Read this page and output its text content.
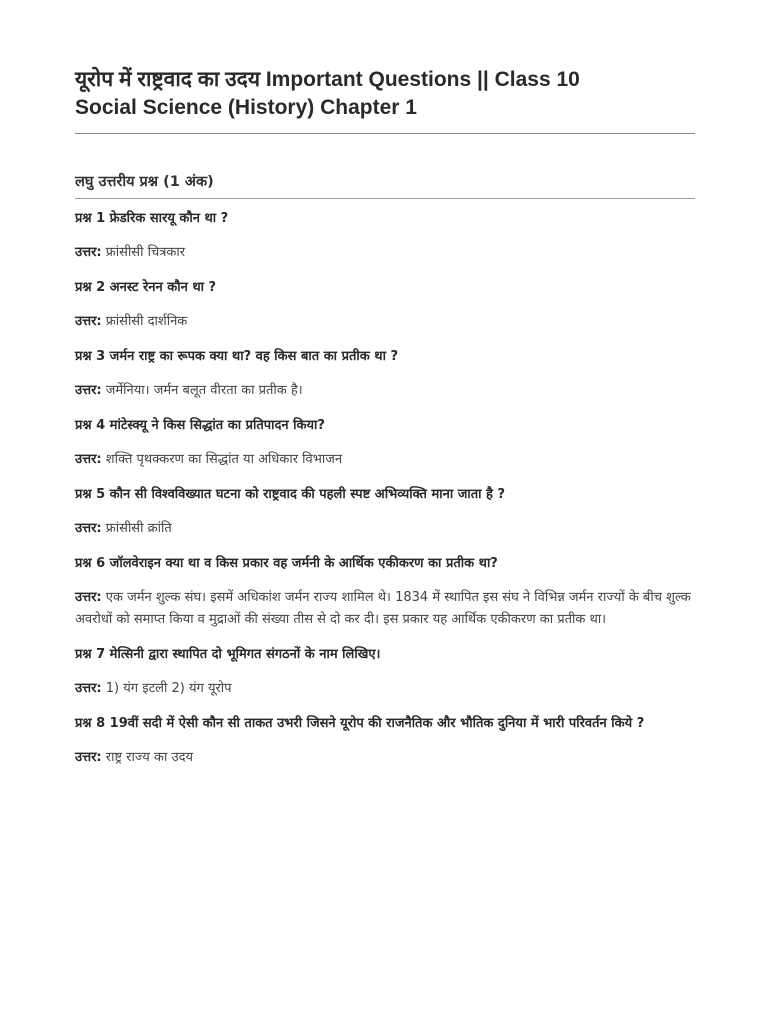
यूरोप में राष्ट्रवाद का उदय Important Questions || Class 10
Social Science (History) Chapter 1
लघु उत्तरीय प्रश्न (1 अंक)

प्रश्न 1 फ्रेडरिक सारयू कौन था ?

उत्तर: फ्रांसीसी चित्रकार

प्रश्न 2 अनस्ट रेनन कौन था ?

उत्तर: फ्रांसीसी दार्शनिक

प्रश्न 3 जर्मन राष्ट्र का रूपक क्या था? वह किस बात का प्रतीक था ?

उत्तर: जर्मेनिया। जर्मन बलूत वीरता का प्रतीक है।

प्रश्न 4 मांटेस्क्यू ने किस सिद्धांत का प्रतिपादन किया?

उत्तर: शक्ति पृथक्करण का सिद्धांत या अधिकार विभाजन

प्रश्न 5 कौन सी विश्वविख्यात घटना को राष्ट्रवाद की पहली स्पष्ट अभिव्यक्ति माना जाता है ?

उत्तर: फ्रांसीसी क्रांति

प्रश्न 6 जॉलवेराइन क्या था व किस प्रकार वह जर्मनी के आर्थिक एकीकरण का प्रतीक था?

उत्तर: एक जर्मन शुल्क संघ। इसमें अधिकांश जर्मन राज्य शामिल थे। 1834 में स्थापित इस संघ ने विभिन्न जर्मन राज्यों के बीच शुल्क अवरोधों को समाप्त किया व मुद्राओं की संख्या तीस से दो कर दी। इस प्रकार यह आर्थिक एकीकरण का प्रतीक था।

प्रश्न 7 मेत्सिनी द्वारा स्थापित दो भूमिगत संगठनों के नाम लिखिए।

उत्तर: 1) यंग इटली 2) यंग यूरोप

प्रश्न 8 19वीं सदी में ऐसी कौन सी ताकत उभरी जिसने यूरोप की राजनैतिक और भौतिक दुनिया में भारी परिवर्तन किये ?

उत्तर: राष्ट्र राज्य का उदय
